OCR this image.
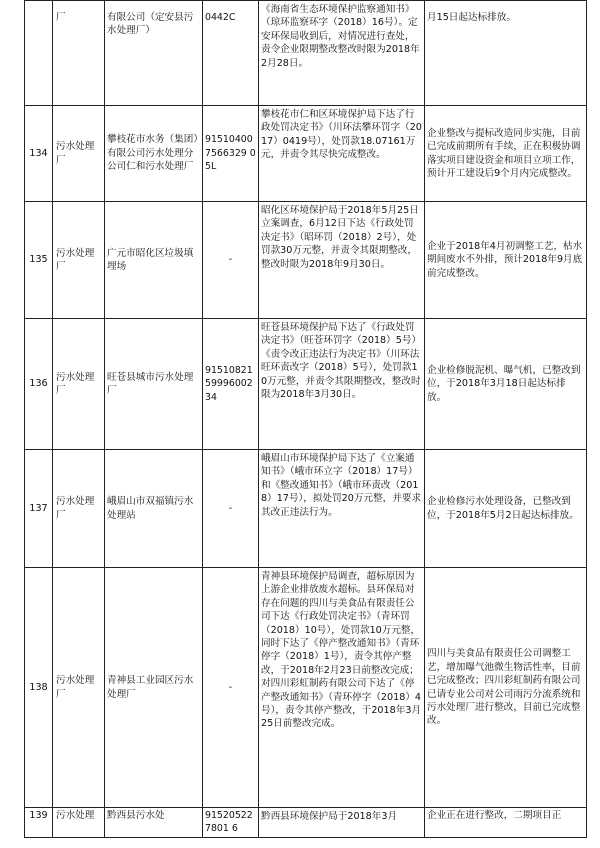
	厂	有限公司（定安县污水处理厂）	0442C	《海南省生态环境保护监察通知书》（琼环监察环字（2018）16号）。定安环保局收到后，对情况进行查处，责令企业限期整改整改时限为2018年2月28日。	月15日起达标排放。
134	污水处理厂	攀枝花市水务（集团）有限公司污水处理分公司仁和污水处理厂	915104007566329 05L	攀枝花市仁和区环境保护局下达了行政处罚决定书》（川环法攀环罚字（2017）0419号），处罚款18.07161万元，并责令其尽快完成整改。	企业整改与提标改造同步实施，目前已完成前期所有手续，正在积极协调落实项目建设资金和项目立项工作，预计开工建设后9个月内完成整改。
135	污水处理厂	广元市昭化区垃圾填埋场	-	昭化区环境保护局于2018年5月25日立案调查，6月12日下达《行政处罚决定书》（昭环罚（2018）2号），处罚款30万元整，并责令其限期整改，整改时限为2018年9月30日。	企业于2018年4月初调整工艺，枯水期间废水不外排，预计2018年9月底前完成整改。
136	污水处理厂	旺苍县城市污水处理厂	915108215999600234	旺苍县环境保护局下达了《行政处罚决定书》（旺苍环罚字（2018）5号）《责令改正违法行为决定书》（川环法旺环责改字（2018）5号），处罚款10万元整，并责令其限期整改，整改时限为2018年3月30日。	企业检修脱泥机、曝气机，已整改到位，于2018年3月18日起达标排放。
137	污水处理厂	峨眉山市双福镇污水处理站	-	峨眉山市环境保护局下达了《立案通知书》（峨市环立字（2018）17号）和《整改通知书》（峨市环责改（2018）17号），拟处罚20万元整，并要求其改正违法行为。	企业检修污水处理设备，已整改到位，于2018年5月2日起达标排放。
138	污水处理厂	青神县工业园区污水处理厂	-	青神县环境保护局调查，超标原因为上游企业排放废水超标。县环保局对存在问题的四川与美食品有限责任公司下达《行政处罚决定书》（青环罚（2018）10号），处罚款10万元整，同时下达了《停产整改通知书》（青环停字（2018）1号），责令其停产整改，于2018年2月23日前整改完成；对四川彩虹制药有限公司下达了《停产整改通知书》（青环停字（2018）4号），责令其停产整改，于2018年3月25日前整改完成。	四川与美食品有限责任公司调整工艺，增加曝气池微生物活性率，目前已完成整改；四川彩虹制药有限公司已请专业公司对公司雨污分流系统和污水处理厂进行整改，目前已完成整改。
139	污水处理	黔西县污水处	915205227801 6	黔西县环境保护局于2018年3月	企业正在进行整改，二期项目正
